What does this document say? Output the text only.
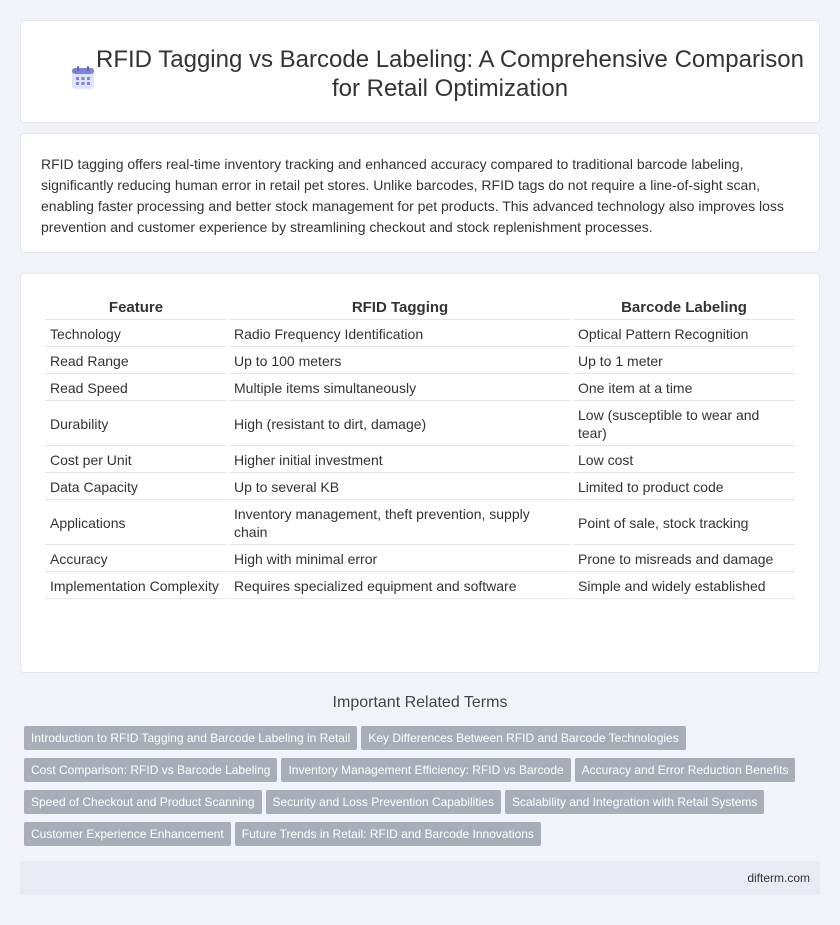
RFID Tagging vs Barcode Labeling: A Comprehensive Comparison for Retail Optimization

RFID tagging offers real-time inventory tracking and enhanced accuracy compared to traditional barcode labeling, significantly reducing human error in retail pet stores. Unlike barcodes, RFID tags do not require a line-of-sight scan, enabling faster processing and better stock management for pet products. This advanced technology also improves loss prevention and customer experience by streamlining checkout and stock replenishment processes.

Feature	RFID Tagging	Barcode Labeling
Technology	Radio Frequency Identification	Optical Pattern Recognition
Read Range	Up to 100 meters	Up to 1 meter
Read Speed	Multiple items simultaneously	One item at a time
Durability	High (resistant to dirt, damage)	Low (susceptible to wear and tear)
Cost per Unit	Higher initial investment	Low cost
Data Capacity	Up to several KB	Limited to product code
Applications	Inventory management, theft prevention, supply chain	Point of sale, stock tracking
Accuracy	High with minimal error	Prone to misreads and damage
Implementation Complexity	Requires specialized equipment and software	Simple and widely established
Important Related Terms
Introduction to RFID Tagging and Barcode Labeling in Retail Key Differences Between RFID and Barcode TechnologiesCost Comparison: RFID vs Barcode Labeling Inventory Management Efficiency: RFID vs Barcode Accuracy and Error Reduction BenefitsSpeed of Checkout and Product Scanning Security and Loss Prevention Capabilities Scalability and Integration with Retail SystemsCustomer Experience Enhancement Future Trends in Retail: RFID and Barcode Innovations
difterm.com
